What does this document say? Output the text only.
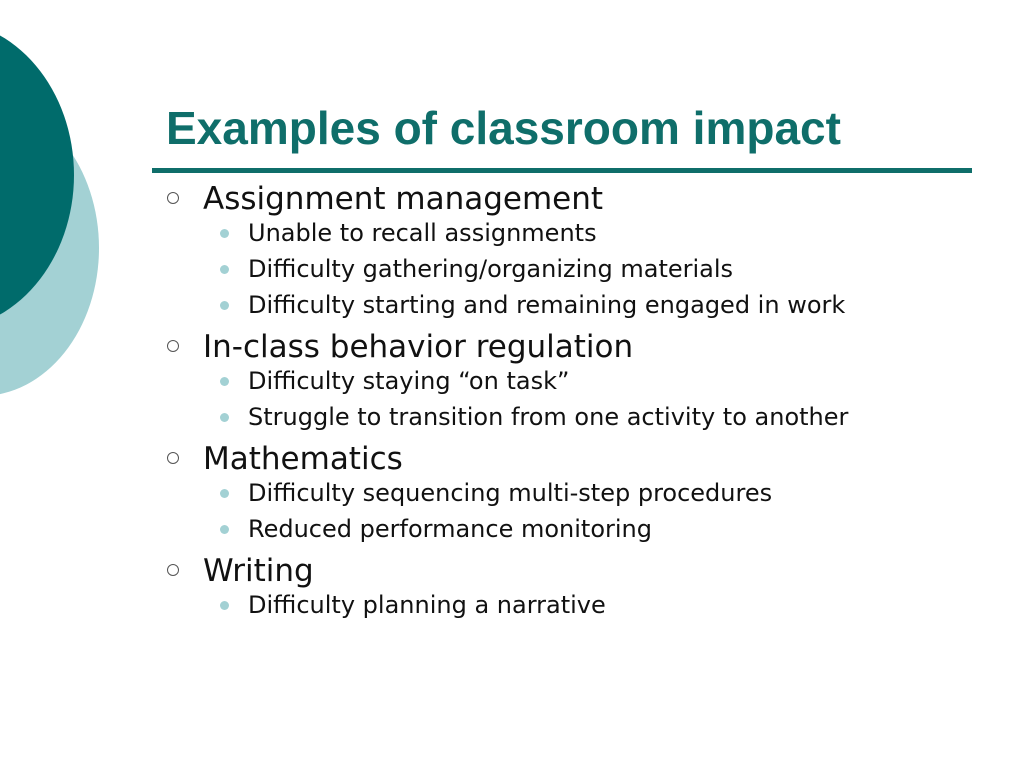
Examples of classroom impact
Assignment management
Unable to recall assignments
Difficulty gathering/organizing materials
Difficulty starting and remaining engaged in work
In-class behavior regulation
Difficulty staying “on task”
Struggle to transition from one activity to another
Mathematics
Difficulty sequencing multi-step procedures
Reduced performance monitoring
Writing
Difficulty planning a narrative
